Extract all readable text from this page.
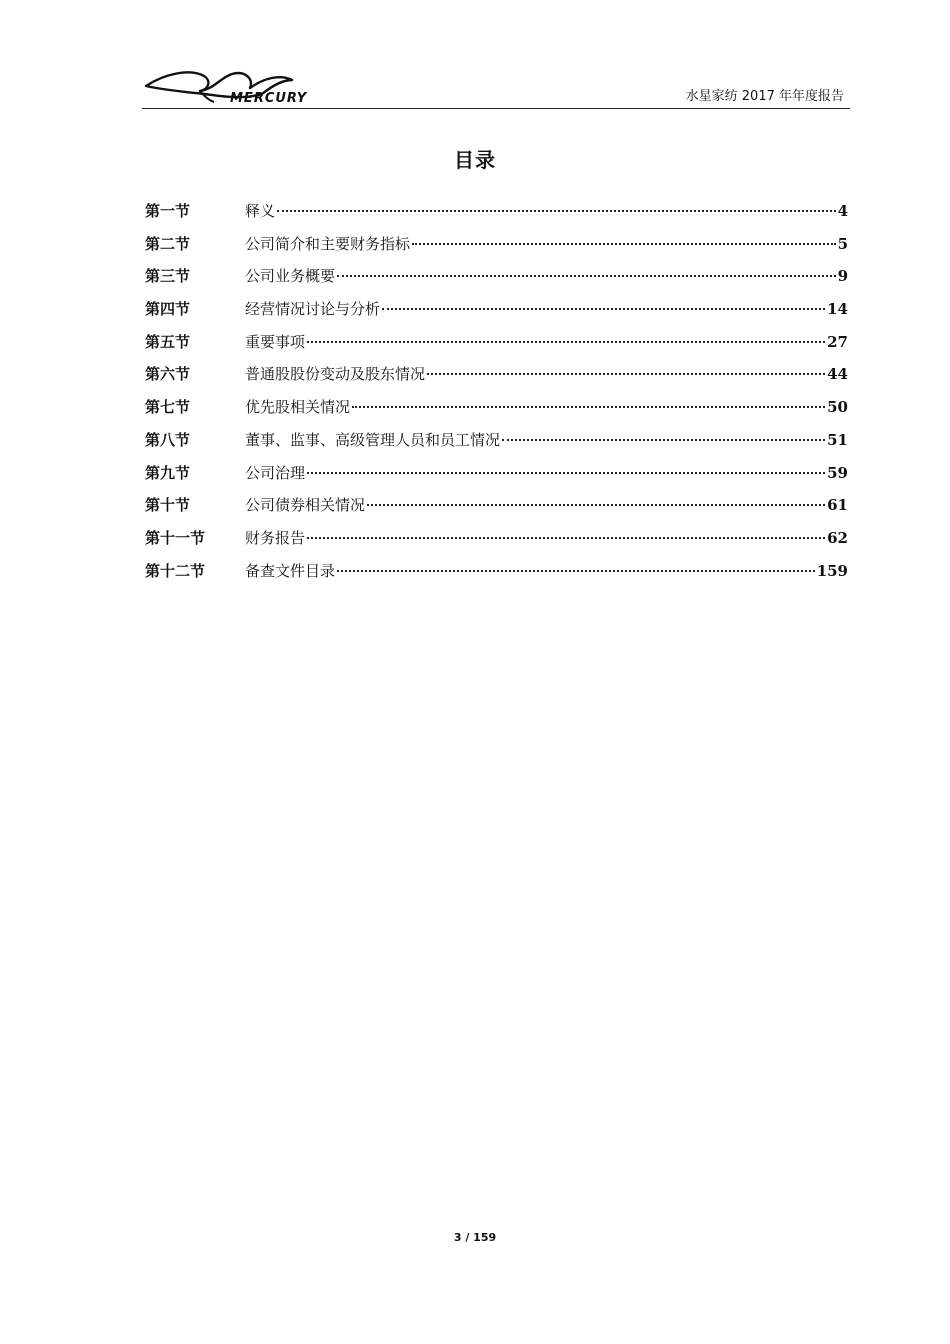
MERCURY	水星家纺 2017 年年度报告
目录
第一节	释义	4
第二节	公司简介和主要财务指标	5
第三节	公司业务概要	9
第四节	经营情况讨论与分析	14
第五节	重要事项	27
第六节	普通股股份变动及股东情况	44
第七节	优先股相关情况	50
第八节	董事、监事、高级管理人员和员工情况	51
第九节	公司治理	59
第十节	公司债券相关情况	61
第十一节	财务报告	62
第十二节	备查文件目录	159
3 / 159
